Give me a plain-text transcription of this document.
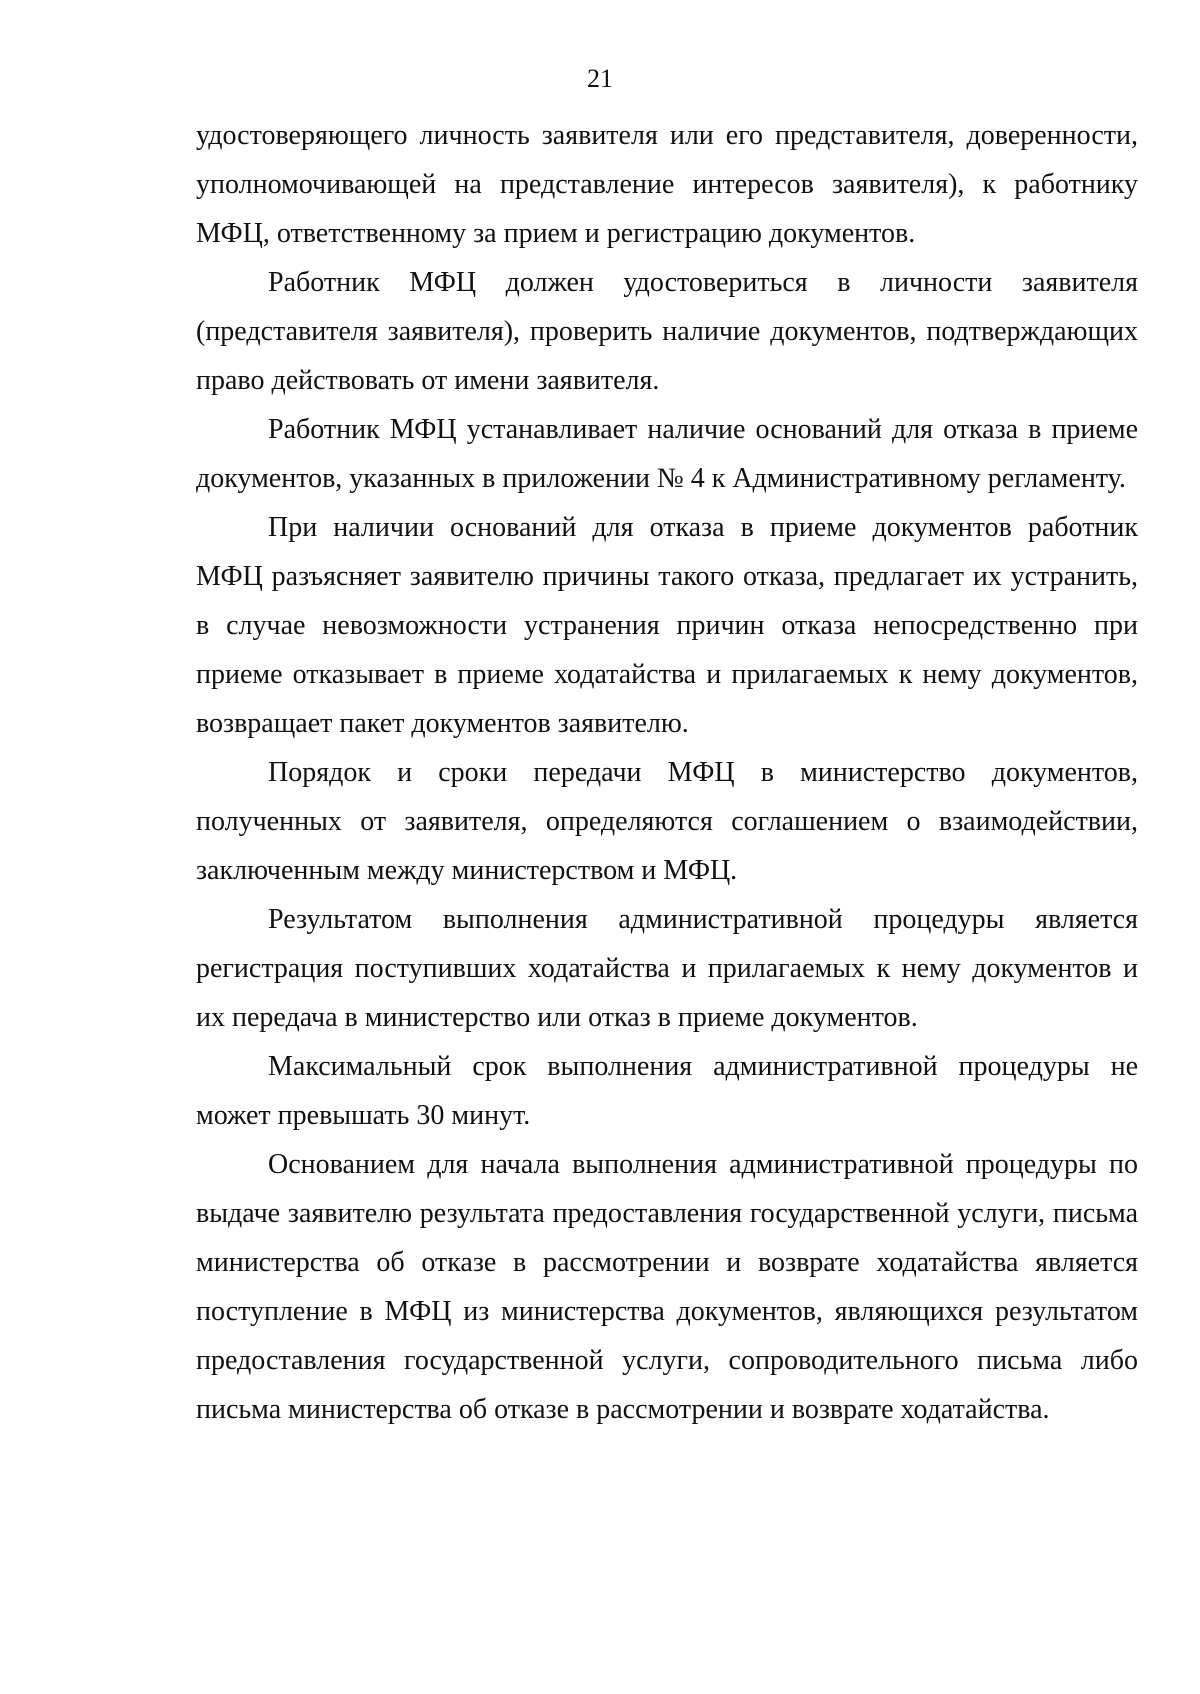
21

удостоверяющего личность заявителя или его представителя, доверенности, уполномочивающей на представление интересов заявителя), к работнику МФЦ, ответственному за прием и регистрацию документов.

Работник МФЦ должен удостовериться в личности заявителя (представителя заявителя), проверить наличие документов, подтверждающих право действовать от имени заявителя.

Работник МФЦ устанавливает наличие оснований для отказа в приеме документов, указанных в приложении № 4 к Административному регламенту.

При наличии оснований для отказа в приеме документов работник МФЦ разъясняет заявителю причины такого отказа, предлагает их устранить, в случае невозможности устранения причин отказа непосредственно при приеме отказывает в приеме ходатайства и прилагаемых к нему документов, возвращает пакет документов заявителю.

Порядок и сроки передачи МФЦ в министерство документов, полученных от заявителя, определяются соглашением о взаимодействии, заключенным между министерством и МФЦ.

Результатом выполнения административной процедуры является регистрация поступивших ходатайства и прилагаемых к нему документов и их передача в министерство или отказ в приеме документов.

Максимальный срок выполнения административной процедуры не может превышать 30 минут.

Основанием для начала выполнения административной процедуры по выдаче заявителю результата предоставления государственной услуги, письма министерства об отказе в рассмотрении и возврате ходатайства является поступление в МФЦ из министерства документов, являющихся результатом предоставления государственной услуги, сопроводительного письма либо письма министерства об отказе в рассмотрении и возврате ходатайства.
